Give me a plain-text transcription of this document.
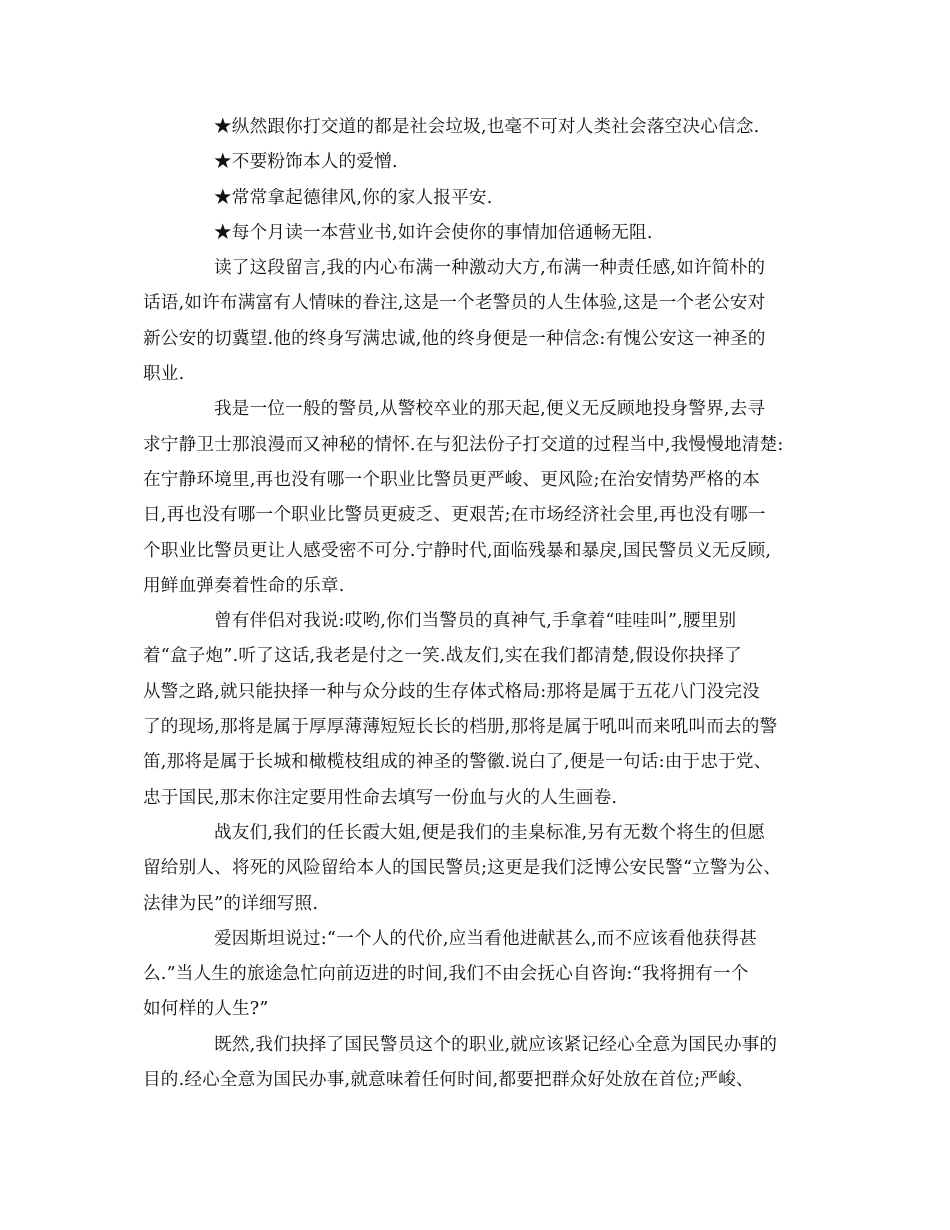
★纵然跟你打交道的都是社会垃圾,也毫不可对人类社会落空决心信念.
★不要粉饰本人的爱憎.
★常常拿起德律风,你的家人报平安.
★每个月读一本营业书,如许会使你的事情加倍通畅无阻.
读了这段留言,我的内心布满一种激动大方,布满一种责任感,如许简朴的
话语,如许布满富有人情味的眷注,这是一个老警员的人生体验,这是一个老公安对
新公安的切冀望.他的终身写满忠诚,他的终身便是一种信念:有愧公安这一神圣的
职业.
我是一位一般的警员,从警校卒业的那天起,便义无反顾地投身警界,去寻
求宁静卫士那浪漫而又神秘的情怀.在与犯法份子打交道的过程当中,我慢慢地清楚:
在宁静环境里,再也没有哪一个职业比警员更严峻、更风险;在治安情势严格的本
日,再也没有哪一个职业比警员更疲乏、更艰苦;在市场经济社会里,再也没有哪一
个职业比警员更让人感受密不可分.宁静时代,面临残暴和暴戾,国民警员义无反顾,
用鲜血弹奏着性命的乐章.
曾有伴侣对我说:哎哟,你们当警员的真神气,手拿着“哇哇叫”,腰里别
着“盒子炮”.听了这话,我老是付之一笑.战友们,实在我们都清楚,假设你抉择了
从警之路,就只能抉择一种与众分歧的生存体式格局:那将是属于五花八门没完没
了的现场,那将是属于厚厚薄薄短短长长的档册,那将是属于吼叫而来吼叫而去的警
笛,那将是属于长城和橄榄枝组成的神圣的警徽.说白了,便是一句话:由于忠于党、
忠于国民,那末你注定要用性命去填写一份血与火的人生画卷.
战友们,我们的任长霞大姐,便是我们的圭臬标准,另有无数个将生的但愿
留给别人、将死的风险留给本人的国民警员;这更是我们泛博公安民警“立警为公、
法律为民”的详细写照.
爱因斯坦说过:“一个人的代价,应当看他进献甚么,而不应该看他获得甚
么.”当人生的旅途急忙向前迈进的时间,我们不由会抚心自咨询:“我将拥有一个
如何样的人生?”
既然,我们抉择了国民警员这个的职业,就应该紧记经心全意为国民办事的
目的.经心全意为国民办事,就意味着任何时间,都要把群众好处放在首位;严峻、
